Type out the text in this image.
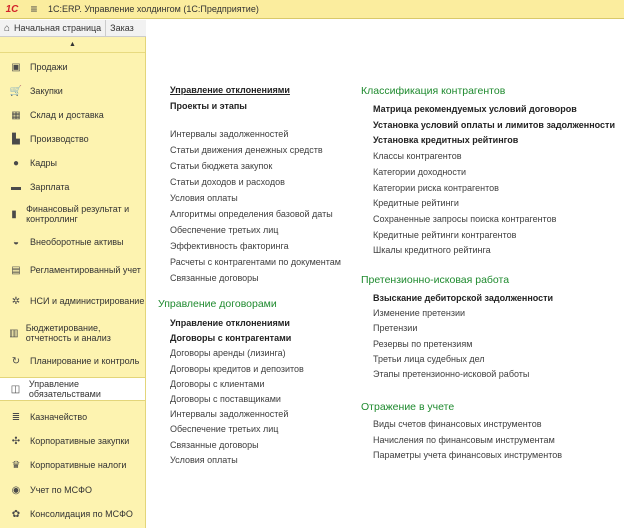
1С	≡	1C:ERP. Управление холдингом (1С:Предприятие)
⌂ Начальная страница	Заказ
▲
▣	Продажи
🛒 Закупки
▦	Склад и доставка
▙	Производство
●	Кадры
▬	Зарплата
▮	Финансовый результат и контроллинг
◒	Внеоборотные активы
▤	Регламентированный учет
✲	НСИ и администрирование
▥ Бюджетирование, отчетность и анализ
↻	Планирование и контроль
◫ Управление обязательствами
≣	Казначейство
✣	Корпоративные закупки
♛	Корпоративные налоги
◉	Учет по МСФО
✿	Консолидация по МСФО
Управление отклонениями
Проекты и этапы
Интервалы задолженностей
Статьи движения денежных средств
Статьи бюджета закупок
Статьи доходов и расходов
Условия оплаты
Алгоритмы определения базовой даты
Обеспечение третьих лиц
Эффективность факторинга
Расчеты с контрагентами по документам
Связанные договоры
Управление договорами
Управление отклонениями
Договоры с контрагентами
Договоры аренды (лизинга)
Договоры кредитов и депозитов
Договоры с клиентами
Договоры с поставщиками
Интервалы задолженностей
Обеспечение третьих лиц
Связанные договоры
Условия оплаты
Классификация контрагентов
Матрица рекомендуемых условий договоров
Установка условий оплаты и лимитов задолженности
Установка кредитных рейтингов
Классы контрагентов
Категории доходности
Категории риска контрагентов
Кредитные рейтинги
Сохраненные запросы поиска контрагентов
Кредитные рейтинги контрагентов
Шкалы кредитного рейтинга
Претензионно-исковая работа
Взыскание дебиторской задолженности
Изменение претензии
Претензии
Резервы по претензиям
Третьи лица судебных дел
Этапы претензионно-исковой работы
Отражение в учете
Виды счетов финансовых инструментов
Начисления по финансовым инструментам
Параметры учета финансовых инструментов
